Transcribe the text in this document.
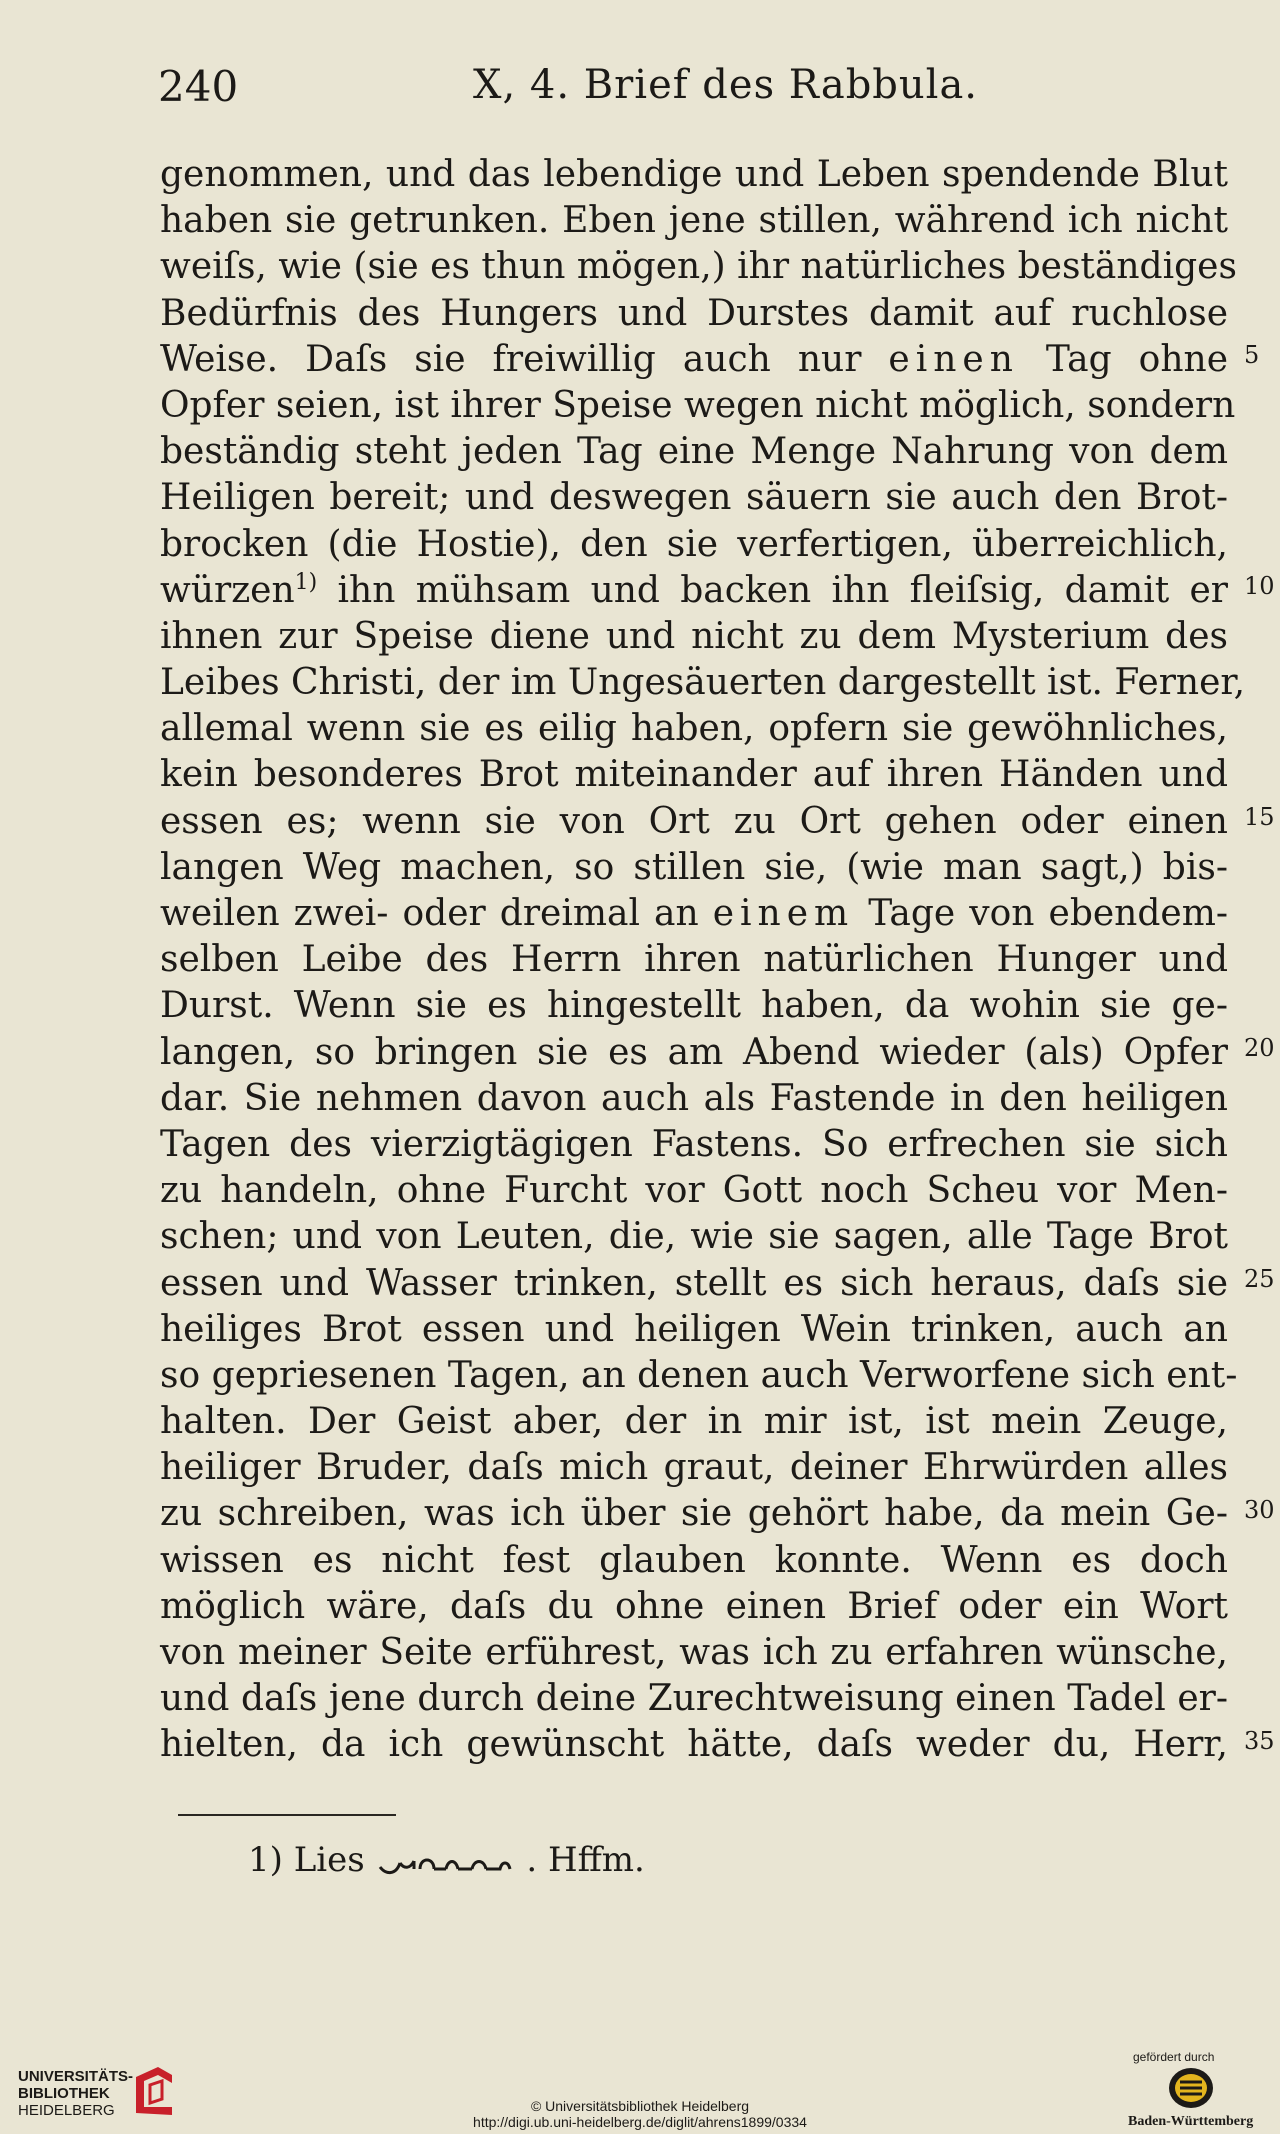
240	X, 4. Brief des Rabbula.
genommen, und das lebendige und Leben spendende Blut
haben sie getrunken. Eben jene stillen, während ich nicht
weiſs, wie (sie es thun mögen,) ihr natürliches beständiges
Bedürfnis des Hungers und Durstes damit auf ruchlose
Weise. Daſs sie freiwillig auch nur einen Tag ohne
Opfer seien, ist ihrer Speise wegen nicht möglich, sondern
beständig steht jeden Tag eine Menge Nahrung von dem
Heiligen bereit; und deswegen säuern sie auch den Brot-
brocken (die Hostie), den sie verfertigen, überreichlich,
würzen$^{1)}$ ihn mühsam und backen ihn fleiſsig, damit er
ihnen zur Speise diene und nicht zu dem Mysterium des
Leibes Christi, der im Ungesäuerten dargestellt ist. Ferner,
allemal wenn sie es eilig haben, opfern sie gewöhnliches,
kein besonderes Brot miteinander auf ihren Händen und
essen es; wenn sie von Ort zu Ort gehen oder einen
langen Weg machen, so stillen sie, (wie man sagt,) bis-
weilen zwei- oder dreimal an einem Tage von ebendem-
selben Leibe des Herrn ihren natürlichen Hunger und
Durst. Wenn sie es hingestellt haben, da wohin sie ge-
langen, so bringen sie es am Abend wieder (als) Opfer
dar. Sie nehmen davon auch als Fastende in den heiligen
Tagen des vierzigtägigen Fastens. So erfrechen sie sich
zu handeln, ohne Furcht vor Gott noch Scheu vor Men-
schen; und von Leuten, die, wie sie sagen, alle Tage Brot
essen und Wasser trinken, stellt es sich heraus, daſs sie
heiliges Brot essen und heiligen Wein trinken, auch an
so gepriesenen Tagen, an denen auch Verworfene sich ent-
halten. Der Geist aber, der in mir ist, ist mein Zeuge,
heiliger Bruder, daſs mich graut, deiner Ehrwürden alles
zu schreiben, was ich über sie gehört habe, da mein Ge-
wissen es nicht fest glauben konnte. Wenn es doch
möglich wäre, daſs du ohne einen Brief oder ein Wort
von meiner Seite erführest, was ich zu erfahren wünsche,
und daſs jene durch deine Zurechtweisung einen Tadel er-
hielten, da ich gewünscht hätte, daſs weder du, Herr,
1) Lies	. Hffm.
UNIVERSITÄTS-
BIBLIOTHEK
HEIDELBERG	© Universitätsbibliothek Heidelberg
http://digi.ub.uni-heidelberg.de/diglit/ahrens1899/0334
gefördert durch
Baden-Württemberg
5
10
15
20
25
30
35
